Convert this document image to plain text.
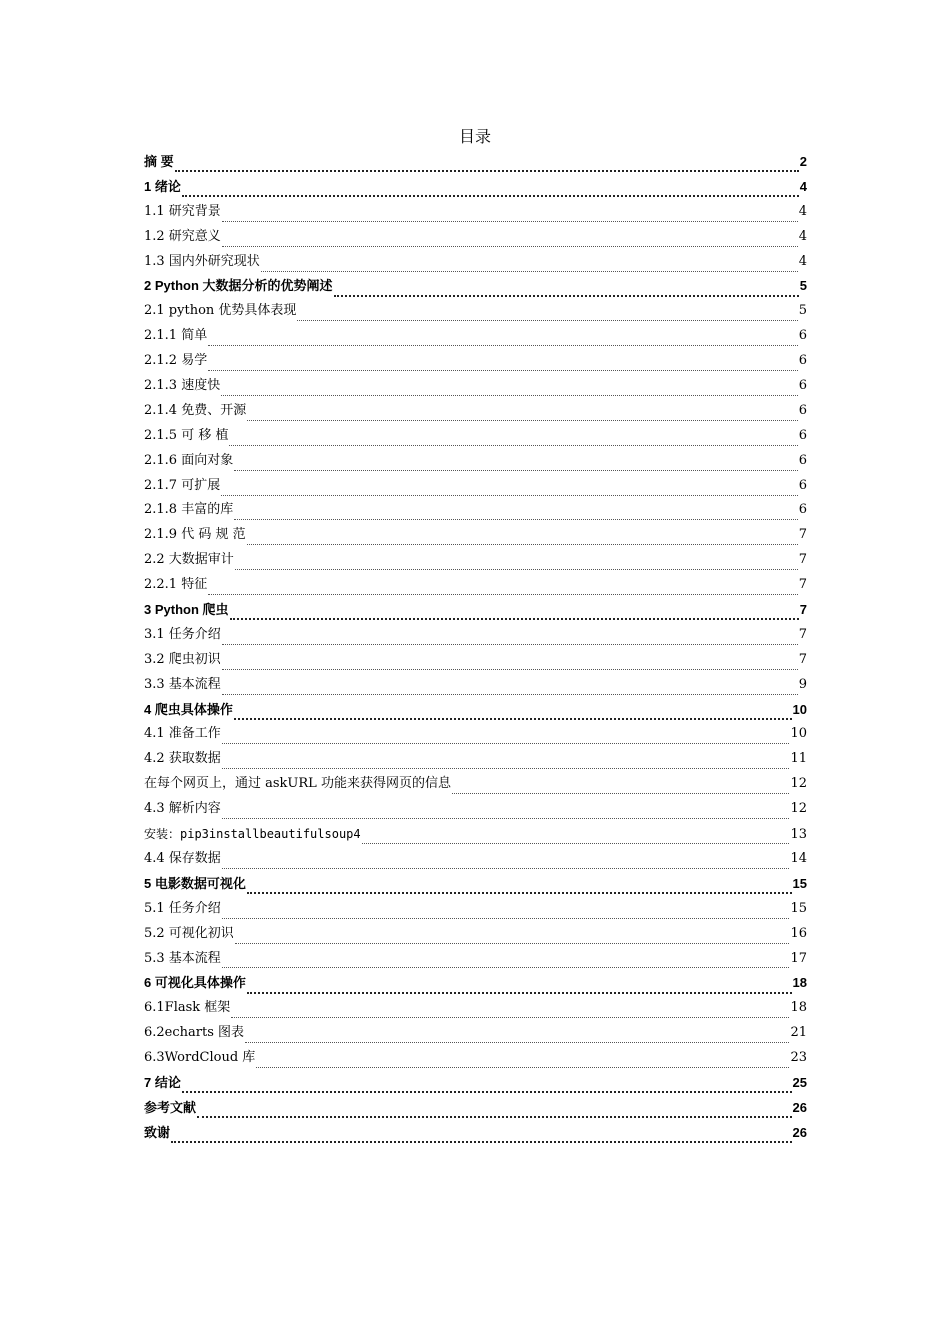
目录
摘 要	2
1 绪论	4
1.1 研究背景	4
1.2 研究意义	4
1.3 国内外研究现状	4
2 Python 大数据分析的优势阐述	5
2.1 python 优势具体表现	5
2.1.1 简单	6
2.1.2 易学	6
2.1.3 速度快	6
2.1.4 免费、开源	6
2.1.5 可 移 植	6
2.1.6 面向对象	6
2.1.7 可扩展	6
2.1.8 丰富的库	6
2.1.9 代 码 规 范	7
2.2 大数据审计	7
2.2.1 特征	7
3 Python 爬虫	7
3.1 任务介绍	7
3.2 爬虫初识	7
3.3 基本流程	9
4 爬虫具体操作	10
4.1 准备工作	10
4.2 获取数据	11
在每个网页上，通过 askURL 功能来获得网页的信息	12
4.3 解析内容	12
安装：pip3installbeautifulsoup4	13
4.4 保存数据	14
5 电影数据可视化	15
5.1 任务介绍	15
5.2 可视化初识	16
5.3 基本流程	17
6 可视化具体操作	18
6.1Flask 框架	18
6.2echarts 图表	21
6.3WordCloud 库	23
7 结论	25
参考文献	26
致谢	26
